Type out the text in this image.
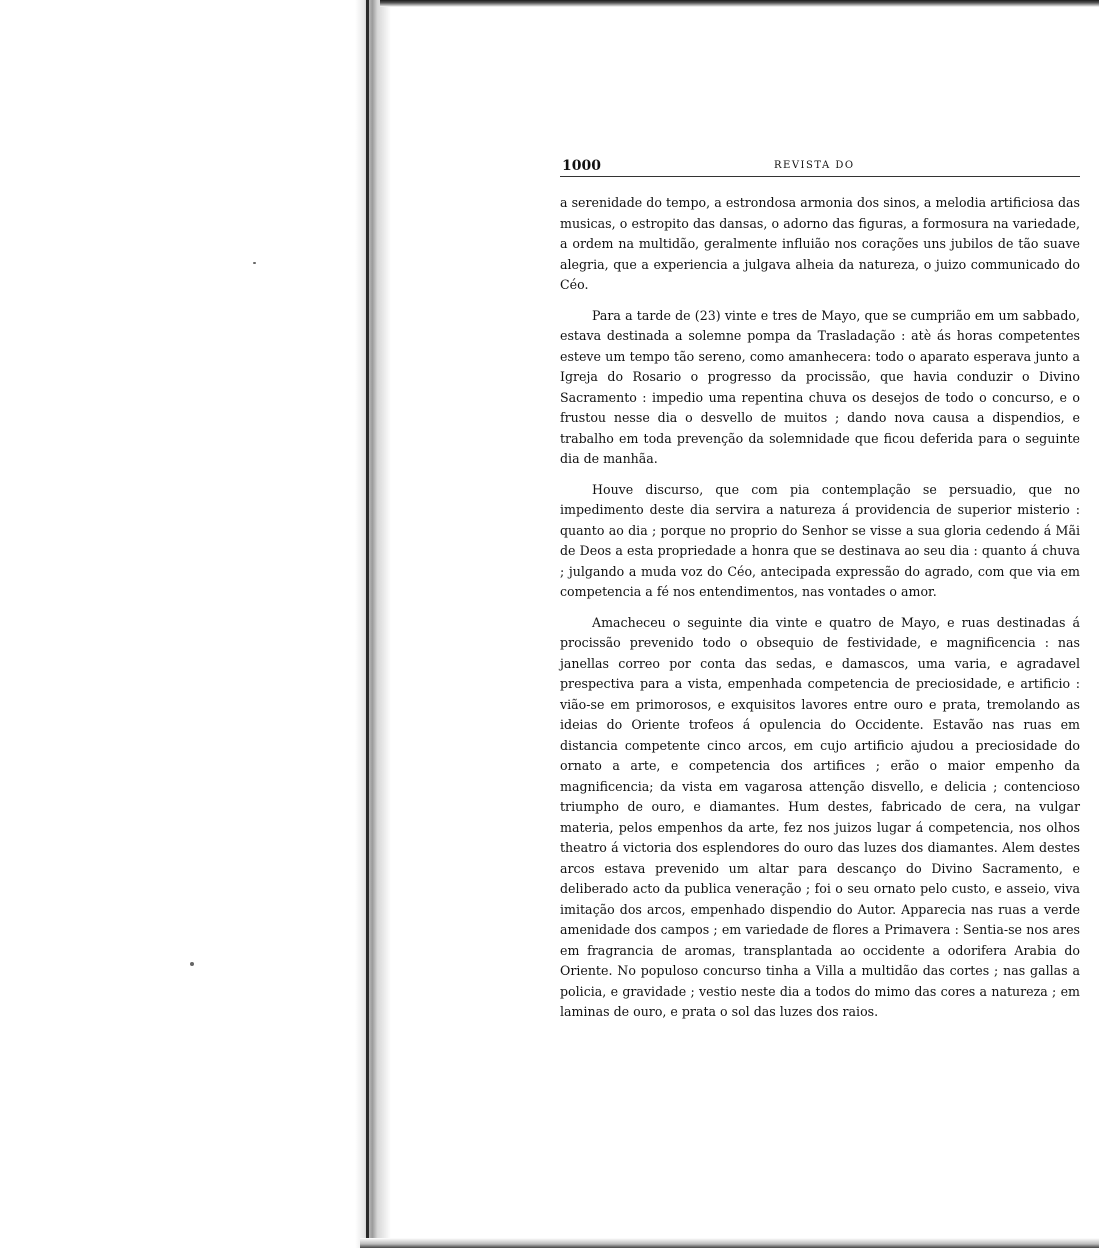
1000	REVISTA DO

a serenidade do tempo, a estrondosa armonia dos sinos, a melodia artificiosa das musicas, o estropito das dansas, o adorno das figuras, a formosura na variedade, a ordem na multidão, geralmente influião nos corações uns jubilos de tão suave alegria, que a experiencia a julgava alheia da natureza, o juizo communicado do Céo.

Para a tarde de (23) vinte e tres de Mayo, que se cumprião em um sabbado, estava destinada a solemne pompa da Trasladação : atè ás horas competentes esteve um tempo tão sereno, como amanhecera: todo o aparato esperava junto a Igreja do Rosario o progresso da procissão, que havia conduzir o Divino Sacramento : impedio uma repentina chuva os desejos de todo o concurso, e o frustou nesse dia o desvello de muitos ; dando nova causa a dispendios, e trabalho em toda prevenção da solemnidade que ficou deferida para o seguinte dia de manhãa.

Houve discurso, que com pia contemplação se persuadio, que no impedimento deste dia servira a natureza á providencia de superior misterio : quanto ao dia ; porque no proprio do Senhor se visse a sua gloria cedendo á Mãi de Deos a esta propriedade a honra que se destinava ao seu dia : quanto á chuva ; julgando a muda voz do Céo, antecipada expressão do agrado, com que via em competencia a fé nos entendimentos, nas vontades o amor.

Amacheceu o seguinte dia vinte e quatro de Mayo, e ruas destinadas á procissão prevenido todo o obsequio de festividade, e magnificencia : nas janellas correo por conta das sedas, e damascos, uma varia, e agradavel prespectiva para a vista, empenhada competencia de preciosidade, e artificio : vião-se em primorosos, e exquisitos lavores entre ouro e prata, tremolando as ideias do Oriente trofeos á opulencia do Occidente. Estavão nas ruas em distancia competente cinco arcos, em cujo artificio ajudou a preciosidade do ornato a arte, e competencia dos artifices ; erão o maior empenho da magnificencia; da vista em vagarosa attenção disvello, e delicia ; contencioso triumpho de ouro, e diamantes. Hum destes, fabricado de cera, na vulgar materia, pelos empenhos da arte, fez nos juizos lugar á competencia, nos olhos theatro á victoria dos esplendores do ouro das luzes dos diamantes. Alem destes arcos estava prevenido um altar para descanço do Divino Sacramento, e deliberado acto da publica veneração ; foi o seu ornato pelo custo, e asseio, viva imitação dos arcos, empenhado dispendio do Autor. Apparecia nas ruas a verde amenidade dos campos ; em variedade de flores a Primavera : Sentia-se nos ares em fragrancia de aromas, transplantada ao occidente a odorifera Arabia do Oriente. No populoso concurso tinha a Villa a multidão das cortes ; nas gallas a policia, e gravidade ; vestio neste dia a todos do mimo das cores a natureza ; em laminas de ouro, e prata o sol das luzes dos raios.
